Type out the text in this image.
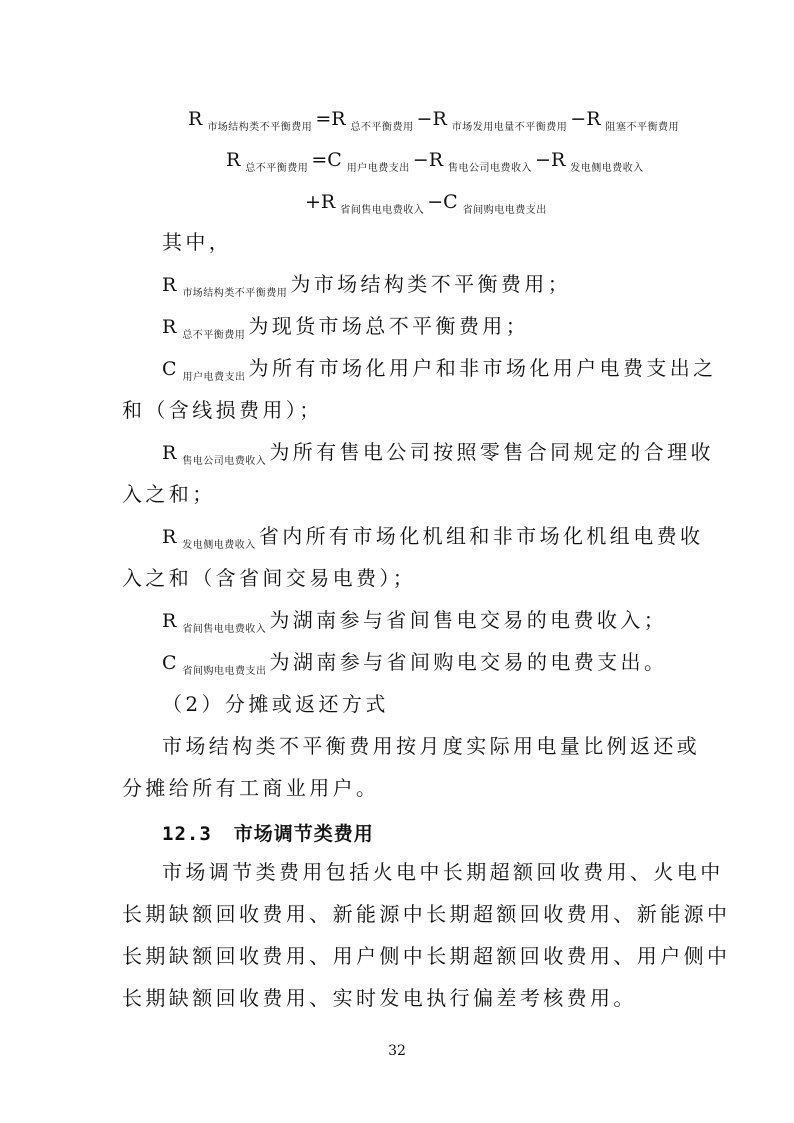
R $_{市场结构类不平衡费用}$ =R $_{总不平衡费用}$ −R $_{市场发用电量不平衡费用}$ −R $_{阻塞不平衡费用}$
R $_{总不平衡费用}$ =C $_{用户电费支出}$ −R $_{售电公司电费收入}$ −R $_{发电侧电费收入}$
+R $_{省间售电电费收入}$ −C $_{省间购电电费支出}$
其中，
R $_{市场结构类不平衡费用}$ 为市场结构类不平衡费用；
R $_{总不平衡费用}$ 为现货市场总不平衡费用；
C $_{用户电费支出}$ 为所有市场化用户和非市场化用户电费支出之
和（含线损费用）；
R $_{售电公司电费收入}$ 为所有售电公司按照零售合同规定的合理收
入之和；
R $_{发电侧电费收入}$ 省内所有市场化机组和非市场化机组电费收
入之和（含省间交易电费）；
R $_{省间售电电费收入}$ 为湖南参与省间售电交易的电费收入；
C $_{省间购电电费支出}$ 为湖南参与省间购电交易的电费支出。
（2）分摊或返还方式
市场结构类不平衡费用按月度实际用电量比例返还或
分摊给所有工商业用户。
12.3 市场调节类费用
市场调节类费用包括火电中长期超额回收费用、火电中
长期缺额回收费用、新能源中长期超额回收费用、新能源中
长期缺额回收费用、用户侧中长期超额回收费用、用户侧中
长期缺额回收费用、实时发电执行偏差考核费用。
32
